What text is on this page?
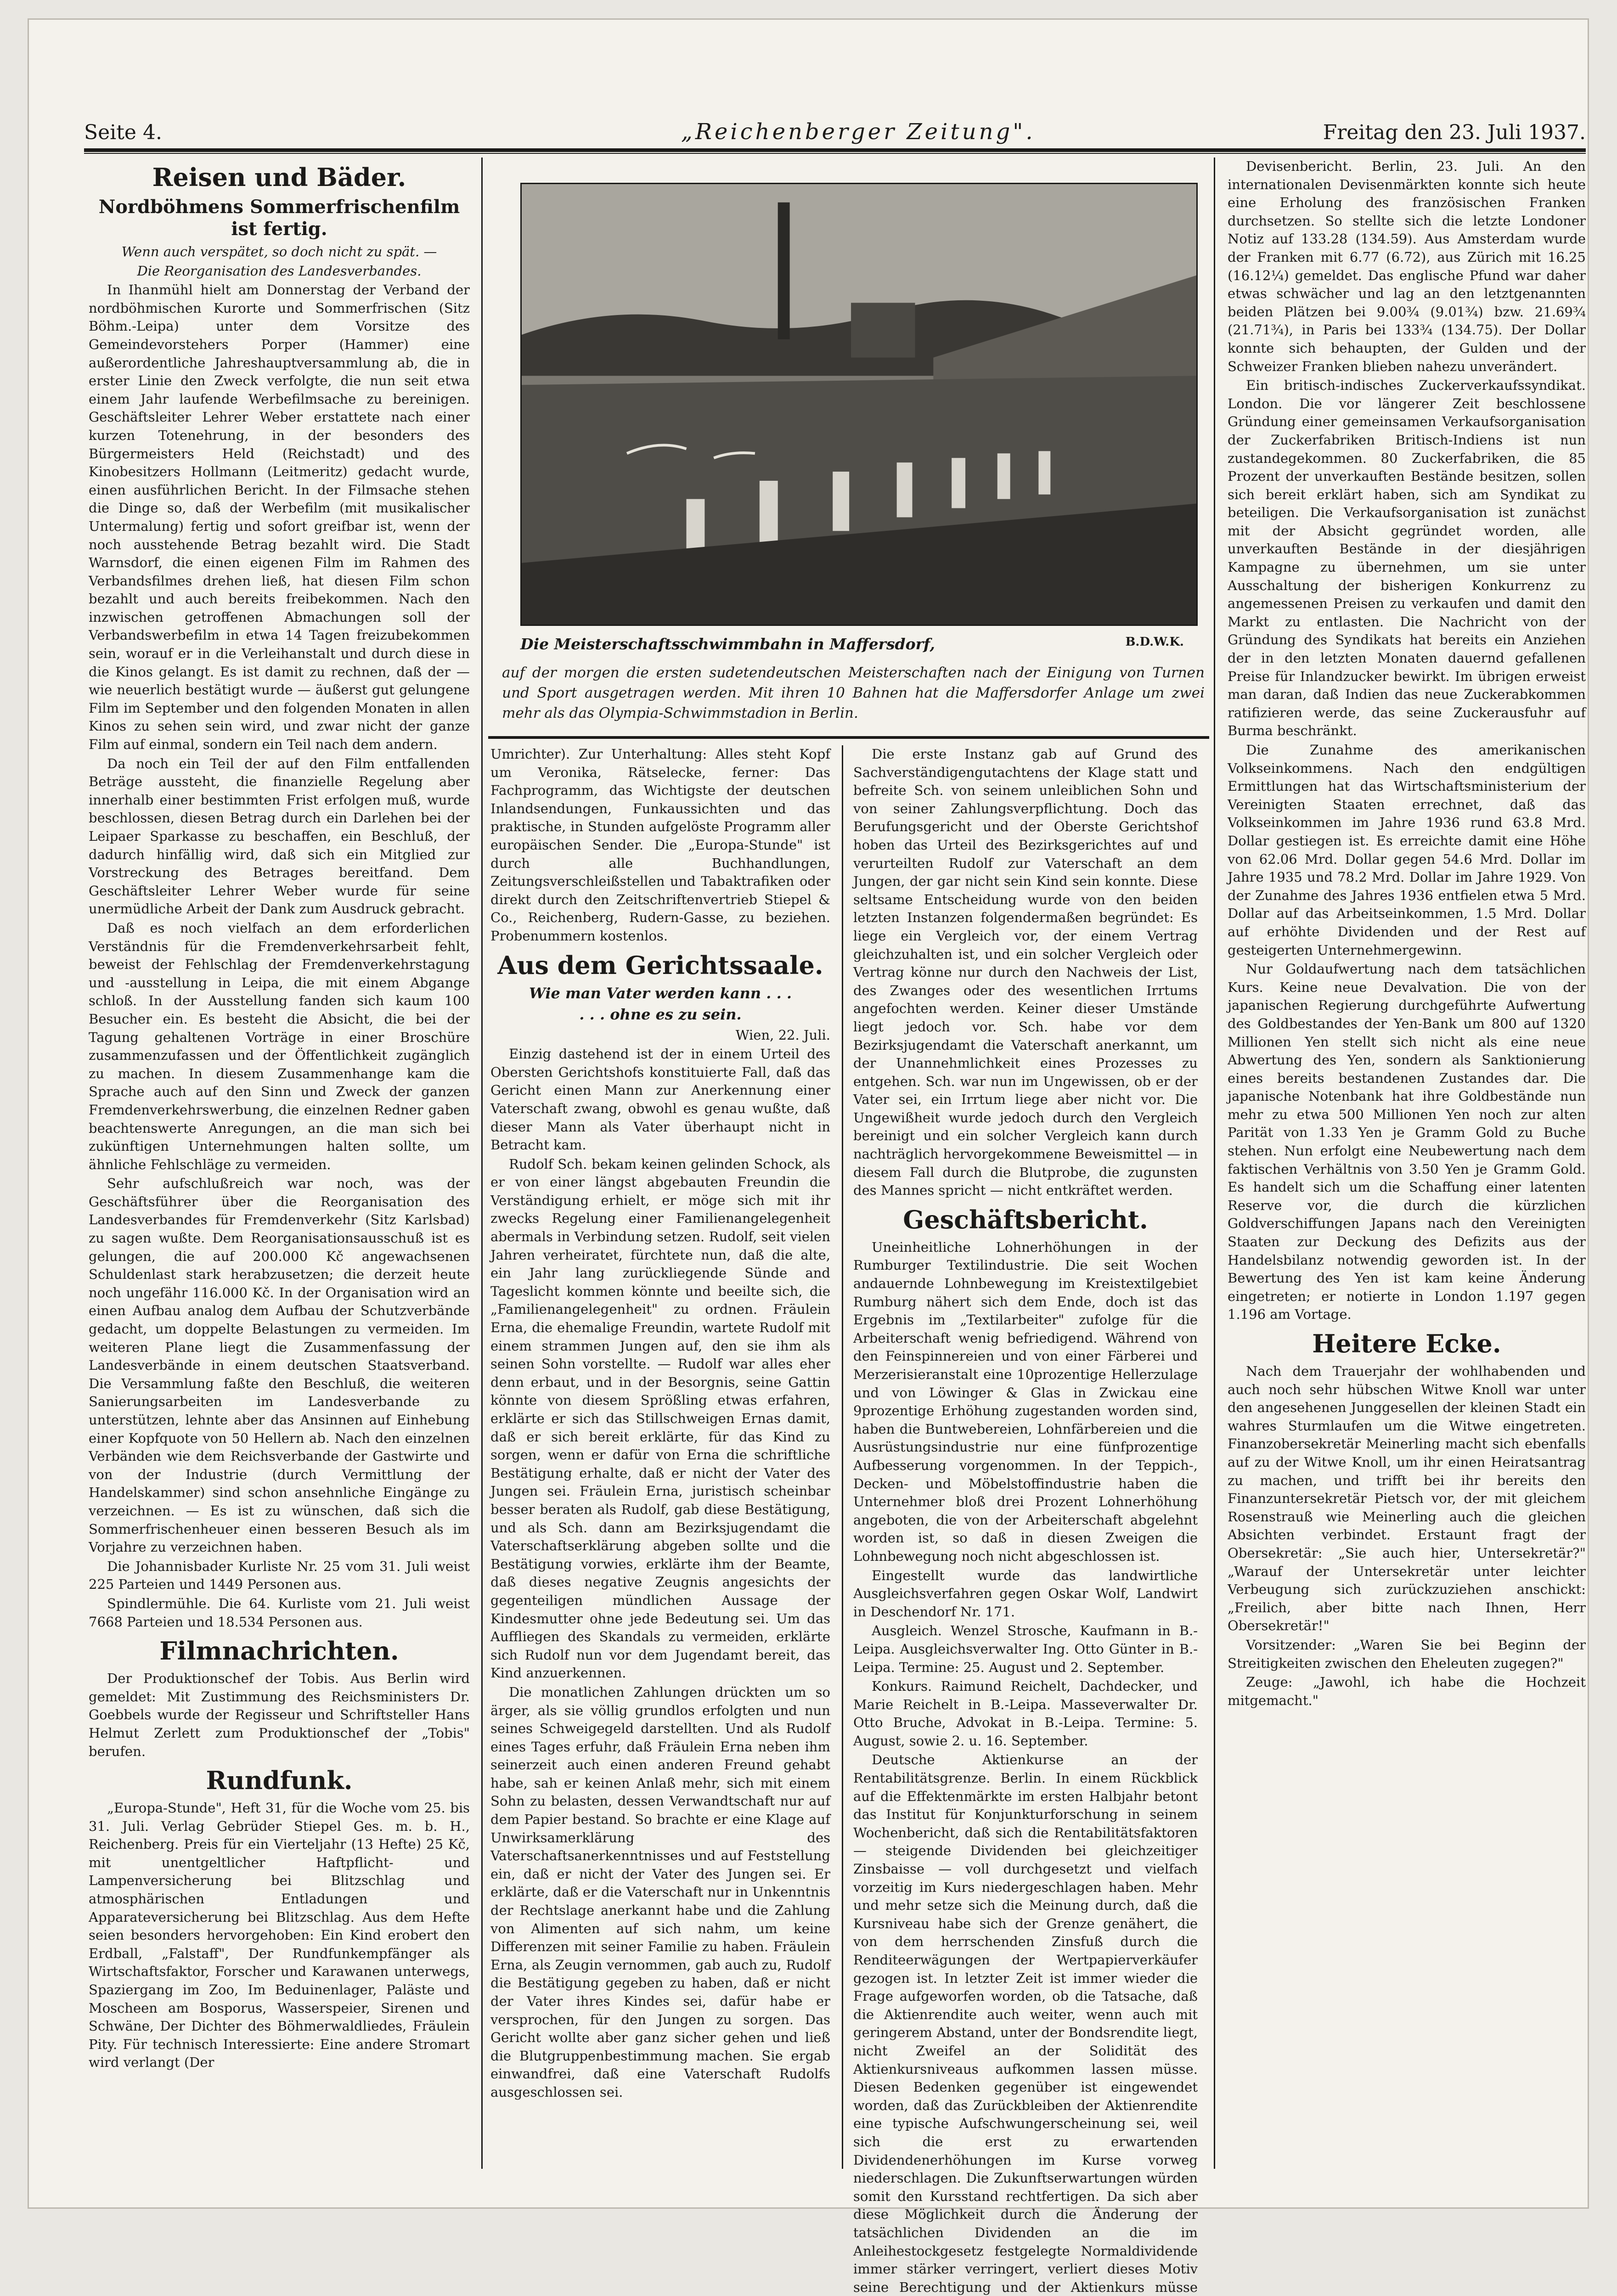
Seite 4.	„Reichenberger Zeitung".	Freitag den 23. Juli 1937.
Reisen und Bäder.
Nordböhmens Sommerfrischenfilm ist fertig.

Wenn auch verspätet, so doch nicht zu spät. —

Die Reorganisation des Landesverbandes.

In Ihanmühl hielt am Donnerstag der Verband der nordböhmischen Kurorte und Sommerfrischen (Sitz Böhm.-Leipa) unter dem Vorsitze des Gemeindevorstehers Porper (Hammer) eine außerordentliche Jahreshauptversammlung ab, die in erster Linie den Zweck verfolgte, die nun seit etwa einem Jahr laufende Werbefilmsache zu bereinigen. Geschäftsleiter Lehrer Weber erstattete nach einer kurzen Totenehrung, in der besonders des Bürgermeisters Held (Reichstadt) und des Kinobesitzers Hollmann (Leitmeritz) gedacht wurde, einen ausführlichen Bericht. In der Filmsache stehen die Dinge so, daß der Werbefilm (mit musikalischer Untermalung) fertig und sofort greifbar ist, wenn der noch ausstehende Betrag bezahlt wird. Die Stadt Warnsdorf, die einen eigenen Film im Rahmen des Verbandsfilmes drehen ließ, hat diesen Film schon bezahlt und auch bereits freibekommen. Nach den inzwischen getroffenen Abmachungen soll der Verbandswerbefilm in etwa 14 Tagen freizubekommen sein, worauf er in die Verleihanstalt und durch diese in die Kinos gelangt. Es ist damit zu rechnen, daß der — wie neuerlich bestätigt wurde — äußerst gut gelungene Film im September und den folgenden Monaten in allen Kinos zu sehen sein wird, und zwar nicht der ganze Film auf einmal, sondern ein Teil nach dem andern.

Da noch ein Teil der auf den Film entfallenden Beträge aussteht, die finanzielle Regelung aber innerhalb einer bestimmten Frist erfolgen muß, wurde beschlossen, diesen Betrag durch ein Darlehen bei der Leipaer Sparkasse zu beschaffen, ein Beschluß, der dadurch hinfällig wird, daß sich ein Mitglied zur Vorstreckung des Betrages bereitfand. Dem Geschäftsleiter Lehrer Weber wurde für seine unermüdliche Arbeit der Dank zum Ausdruck gebracht.

Daß es noch vielfach an dem erforderlichen Verständnis für die Fremdenverkehrsarbeit fehlt, beweist der Fehlschlag der Fremdenverkehrstagung und -ausstellung in Leipa, die mit einem Abgange schloß. In der Ausstellung fanden sich kaum 100 Besucher ein. Es besteht die Absicht, die bei der Tagung gehaltenen Vorträge in einer Broschüre zusammenzufassen und der Öffentlichkeit zugänglich zu machen. In diesem Zusammenhange kam die Sprache auch auf den Sinn und Zweck der ganzen Fremdenverkehrswerbung, die einzelnen Redner gaben beachtenswerte Anregungen, an die man sich bei zukünftigen Unternehmungen halten sollte, um ähnliche Fehlschläge zu vermeiden.

Sehr aufschlußreich war noch, was der Geschäftsführer über die Reorganisation des Landesverbandes für Fremdenverkehr (Sitz Karlsbad) zu sagen wußte. Dem Reorganisationsausschuß ist es gelungen, die auf 200.000 Kč angewachsenen Schuldenlast stark herabzusetzen; die derzeit heute noch ungefähr 116.000 Kč. In der Organisation wird an einen Aufbau analog dem Aufbau der Schutzverbände gedacht, um doppelte Belastungen zu vermeiden. Im weiteren Plane liegt die Zusammenfassung der Landesverbände in einem deutschen Staatsverband. Die Versammlung faßte den Beschluß, die weiteren Sanierungsarbeiten im Landesverbande zu unterstützen, lehnte aber das Ansinnen auf Einhebung einer Kopfquote von 50 Hellern ab. Nach den einzelnen Verbänden wie dem Reichsverbande der Gastwirte und von der Industrie (durch Vermittlung der Handelskammer) sind schon ansehnliche Eingänge zu verzeichnen. — Es ist zu wünschen, daß sich die Sommerfrischenheuer einen besseren Besuch als im Vorjahre zu verzeichnen haben.

Die Johannisbader Kurliste Nr. 25 vom 31. Juli weist 225 Parteien und 1449 Personen aus.

Spindlermühle. Die 64. Kurliste vom 21. Juli weist 7668 Parteien und 18.534 Personen aus.

Filmnachrichten.

Der Produktionschef der Tobis. Aus Berlin wird gemeldet: Mit Zustimmung des Reichsministers Dr. Goebbels wurde der Regisseur und Schriftsteller Hans Helmut Zerlett zum Produktionschef der „Tobis" berufen.

Rundfunk.

„Europa-Stunde", Heft 31, für die Woche vom 25. bis 31. Juli. Verlag Gebrüder Stiepel Ges. m. b. H., Reichenberg. Preis für ein Vierteljahr (13 Hefte) 25 Kč, mit unentgeltlicher Haftpflicht- und Lampenversicherung bei Blitzschlag und atmosphärischen Entladungen und Apparateversicherung bei Blitzschlag. Aus dem Hefte seien besonders hervorgehoben: Ein Kind erobert den Erdball, „Falstaff", Der Rundfunkempfänger als Wirtschaftsfaktor, Forscher und Karawanen unterwegs, Spaziergang im Zoo, Im Beduinenlager, Paläste und Moscheen am Bosporus, Wasserspeier, Sirenen und Schwäne, Der Dichter des Böhmerwaldliedes, Fräulein Pity. Für technisch Interessierte: Eine andere Stromart wird verlangt (Der

Die Meisterschaftsschwimmbahn in Maffersdorf,	B.D.W.K.
auf der morgen die ersten sudetendeutschen Meisterschaften nach der Einigung von Turnen und Sport ausgetragen werden. Mit ihren 10 Bahnen hat die Maffersdorfer Anlage um zwei mehr als das Olympia-Schwimmstadion in Berlin.

Umrichter). Zur Unterhaltung: Alles steht Kopf um Veronika, Rätselecke, ferner: Das Fachprogramm, das Wichtigste der deutschen Inlandsendungen, Funkaussichten und das praktische, in Stunden aufgelöste Programm aller europäischen Sender. Die „Europa-Stunde" ist durch alle Buchhandlungen, Zeitungsverschleißstellen und Tabaktrafiken oder direkt durch den Zeitschriftenvertrieb Stiepel & Co., Reichenberg, Rudern-Gasse, zu beziehen. Probenummern kostenlos.

Aus dem Gerichtssaale.
Wie man Vater werden kann . . .
. . . ohne es zu sein.

Wien, 22. Juli.

Einzig dastehend ist der in einem Urteil des Obersten Gerichtshofs konstituierte Fall, daß das Gericht einen Mann zur Anerkennung einer Vaterschaft zwang, obwohl es genau wußte, daß dieser Mann als Vater überhaupt nicht in Betracht kam.

Rudolf Sch. bekam keinen gelinden Schock, als er von einer längst abgebauten Freundin die Verständigung erhielt, er möge sich mit ihr zwecks Regelung einer Familienangelegenheit abermals in Verbindung setzen. Rudolf, seit vielen Jahren verheiratet, fürchtete nun, daß die alte, ein Jahr lang zurückliegende Sünde and Tageslicht kommen könnte und beeilte sich, die „Familienangelegenheit" zu ordnen. Fräulein Erna, die ehemalige Freundin, wartete Rudolf mit einem strammen Jungen auf, den sie ihm als seinen Sohn vorstellte. — Rudolf war alles eher denn erbaut, und in der Besorgnis, seine Gattin könnte von diesem Sprößling etwas erfahren, erklärte er sich das Stillschweigen Ernas damit, daß er sich bereit erklärte, für das Kind zu sorgen, wenn er dafür von Erna die schriftliche Bestätigung erhalte, daß er nicht der Vater des Jungen sei. Fräulein Erna, juristisch scheinbar besser beraten als Rudolf, gab diese Bestätigung, und als Sch. dann am Bezirksjugendamt die Vaterschaftserklärung abgeben sollte und die Bestätigung vorwies, erklärte ihm der Beamte, daß dieses negative Zeugnis angesichts der gegenteiligen mündlichen Aussage der Kindesmutter ohne jede Bedeutung sei. Um das Auffliegen des Skandals zu vermeiden, erklärte sich Rudolf nun vor dem Jugendamt bereit, das Kind anzuerkennen.

Die monatlichen Zahlungen drückten um so ärger, als sie völlig grundlos erfolgten und nun seines Schweigegeld darstellten. Und als Rudolf eines Tages erfuhr, daß Fräulein Erna neben ihm seinerzeit auch einen anderen Freund gehabt habe, sah er keinen Anlaß mehr, sich mit einem Sohn zu belasten, dessen Verwandtschaft nur auf dem Papier bestand. So brachte er eine Klage auf Unwirksamerklärung des Vaterschaftsanerkenntnisses und auf Feststellung ein, daß er nicht der Vater des Jungen sei. Er erklärte, daß er die Vaterschaft nur in Unkenntnis der Rechtslage anerkannt habe und die Zahlung von Alimenten auf sich nahm, um keine Differenzen mit seiner Familie zu haben. Fräulein Erna, als Zeugin vernommen, gab auch zu, Rudolf die Bestätigung gegeben zu haben, daß er nicht der Vater ihres Kindes sei, dafür habe er versprochen, für den Jungen zu sorgen. Das Gericht wollte aber ganz sicher gehen und ließ die Blutgruppenbestimmung machen. Sie ergab einwandfrei, daß eine Vaterschaft Rudolfs ausgeschlossen sei.

Die erste Instanz gab auf Grund des Sachverständigengutachtens der Klage statt und befreite Sch. von seinem unleiblichen Sohn und von seiner Zahlungsverpflichtung. Doch das Berufungsgericht und der Oberste Gerichtshof hoben das Urteil des Bezirksgerichtes auf und verurteilten Rudolf zur Vaterschaft an dem Jungen, der gar nicht sein Kind sein konnte. Diese seltsame Entscheidung wurde von den beiden letzten Instanzen folgendermaßen begründet: Es liege ein Vergleich vor, der einem Vertrag gleichzuhalten ist, und ein solcher Vergleich oder Vertrag könne nur durch den Nachweis der List, des Zwanges oder des wesentlichen Irrtums angefochten werden. Keiner dieser Umstände liegt jedoch vor. Sch. habe vor dem Bezirksjugendamt die Vaterschaft anerkannt, um der Unannehmlichkeit eines Prozesses zu entgehen. Sch. war nun im Ungewissen, ob er der Vater sei, ein Irrtum liege aber nicht vor. Die Ungewißheit wurde jedoch durch den Vergleich bereinigt und ein solcher Vergleich kann durch nachträglich hervorgekommene Beweismittel — in diesem Fall durch die Blutprobe, die zugunsten des Mannes spricht — nicht entkräftet werden.

Geschäftsbericht.

Uneinheitliche Lohnerhöhungen in der Rumburger Textilindustrie. Die seit Wochen andauernde Lohnbewegung im Kreistextilgebiet Rumburg nähert sich dem Ende, doch ist das Ergebnis im „Textilarbeiter" zufolge für die Arbeiterschaft wenig befriedigend. Während von den Feinspinnereien und von einer Färberei und Merzerisieranstalt eine 10prozentige Hellerzulage und von Löwinger & Glas in Zwickau eine 9prozentige Erhöhung zugestanden worden sind, haben die Buntwebereien, Lohnfärbereien und die Ausrüstungsindustrie nur eine fünfprozentige Aufbesserung vorgenommen. In der Teppich-, Decken- und Möbelstoffindustrie haben die Unternehmer bloß drei Prozent Lohnerhöhung angeboten, die von der Arbeiterschaft abgelehnt worden ist, so daß in diesen Zweigen die Lohnbewegung noch nicht abgeschlossen ist.

Eingestellt wurde das landwirtliche Ausgleichsverfahren gegen Oskar Wolf, Landwirt in Deschendorf Nr. 171.

Ausgleich. Wenzel Strosche, Kaufmann in B.-Leipa. Ausgleichsverwalter Ing. Otto Günter in B.-Leipa. Termine: 25. August und 2. September.

Konkurs. Raimund Reichelt, Dachdecker, und Marie Reichelt in B.-Leipa. Masseverwalter Dr. Otto Bruche, Advokat in B.-Leipa. Termine: 5. August, sowie 2. u. 16. September.

Deutsche Aktienkurse an der Rentabilitätsgrenze. Berlin. In einem Rückblick auf die Effektenmärkte im ersten Halbjahr betont das Institut für Konjunkturforschung in seinem Wochenbericht, daß sich die Rentabilitätsfaktoren — steigende Dividenden bei gleichzeitiger Zinsbaisse — voll durchgesetzt und vielfach vorzeitig im Kurs niedergeschlagen haben. Mehr und mehr setze sich die Meinung durch, daß die Kursniveau habe sich der Grenze genähert, die von dem herrschenden Zinsfuß durch die Renditeerwägungen der Wertpapierverkäufer gezogen ist. In letzter Zeit ist immer wieder die Frage aufgeworfen worden, ob die Tatsache, daß die Aktienrendite auch weiter, wenn auch mit geringerem Abstand, unter der Bondsrendite liegt, nicht Zweifel an der Solidität des Aktienkursniveaus aufkommen lassen müsse. Diesen Bedenken gegenüber ist eingewendet worden, daß das Zurückbleiben der Aktienrendite eine typische Aufschwungerscheinung sei, weil sich die erst zu erwartenden Dividendenerhöhungen im Kurse vorweg niederschlagen. Die Zukunftserwartungen würden somit den Kursstand rechtfertigen. Da sich aber diese Möglichkeit durch die Änderung der tatsächlichen Dividenden an die im Anleihestockgesetz festgelegte Normaldividende immer stärker verringert, verliert dieses Motiv seine Berechtigung und der Aktienkurs müsse

Devisenbericht. Berlin, 23. Juli. An den internationalen Devisenmärkten konnte sich heute eine Erholung des französischen Franken durchsetzen. So stellte sich die letzte Londoner Notiz auf 133.28 (134.59). Aus Amsterdam wurde der Franken mit 6.77 (6.72), aus Zürich mit 16.25 (16.12¼) gemeldet. Das englische Pfund war daher etwas schwächer und lag an den letztgenannten beiden Plätzen bei 9.00¾ (9.01¾) bzw. 21.69¾ (21.71¾), in Paris bei 133¾ (134.75). Der Dollar konnte sich behaupten, der Gulden und der Schweizer Franken blieben nahezu unverändert.

Ein britisch-indisches Zuckerverkaufssyndikat. London. Die vor längerer Zeit beschlossene Gründung einer gemeinsamen Verkaufsorganisation der Zuckerfabriken Britisch-Indiens ist nun zustandegekommen. 80 Zuckerfabriken, die 85 Prozent der unverkauften Bestände besitzen, sollen sich bereit erklärt haben, sich am Syndikat zu beteiligen. Die Verkaufsorganisation ist zunächst mit der Absicht gegründet worden, alle unverkauften Bestände in der diesjährigen Kampagne zu übernehmen, um sie unter Ausschaltung der bisherigen Konkurrenz zu angemessenen Preisen zu verkaufen und damit den Markt zu entlasten. Die Nachricht von der Gründung des Syndikats hat bereits ein Anziehen der in den letzten Monaten dauernd gefallenen Preise für Inlandzucker bewirkt. Im übrigen erweist man daran, daß Indien das neue Zuckerabkommen ratifizieren werde, das seine Zuckerausfuhr auf Burma beschränkt.

Die Zunahme des amerikanischen Volkseinkommens. Nach den endgültigen Ermittlungen hat das Wirtschaftsministerium der Vereinigten Staaten errechnet, daß das Volkseinkommen im Jahre 1936 rund 63.8 Mrd. Dollar gestiegen ist. Es erreichte damit eine Höhe von 62.06 Mrd. Dollar gegen 54.6 Mrd. Dollar im Jahre 1935 und 78.2 Mrd. Dollar im Jahre 1929. Von der Zunahme des Jahres 1936 entfielen etwa 5 Mrd. Dollar auf das Arbeitseinkommen, 1.5 Mrd. Dollar auf erhöhte Dividenden und der Rest auf gesteigerten Unternehmergewinn.

Nur Goldaufwertung nach dem tatsächlichen Kurs. Keine neue Devalvation. Die von der japanischen Regierung durchgeführte Aufwertung des Goldbestandes der Yen-Bank um 800 auf 1320 Millionen Yen stellt sich nicht als eine neue Abwertung des Yen, sondern als Sanktionierung eines bereits bestandenen Zustandes dar. Die japanische Notenbank hat ihre Goldbestände nun mehr zu etwa 500 Millionen Yen noch zur alten Parität von 1.33 Yen je Gramm Gold zu Buche stehen. Nun erfolgt eine Neubewertung nach dem faktischen Verhältnis von 3.50 Yen je Gramm Gold. Es handelt sich um die Schaffung einer latenten Reserve vor, die durch die kürzlichen Goldverschiffungen Japans nach den Vereinigten Staaten zur Deckung des Defizits aus der Handelsbilanz notwendig geworden ist. In der Bewertung des Yen ist kam keine Änderung eingetreten; er notierte in London 1.197 gegen 1.196 am Vortage.

Heitere Ecke.

Nach dem Trauerjahr der wohlhabenden und auch noch sehr hübschen Witwe Knoll war unter den angesehenen Junggesellen der kleinen Stadt ein wahres Sturmlaufen um die Witwe eingetreten. Finanzobersekretär Meinerling macht sich ebenfalls auf zu der Witwe Knoll, um ihr einen Heiratsantrag zu machen, und trifft bei ihr bereits den Finanzuntersekretär Pietsch vor, der mit gleichem Rosenstrauß wie Meinerling auch die gleichen Absichten verbindet. Erstaunt fragt der Obersekretär: „Sie auch hier, Untersekretär?" „Warauf der Untersekretär unter leichter Verbeugung sich zurückzuziehen anschickt: „Freilich, aber bitte nach Ihnen, Herr Obersekretär!"

Vorsitzender: „Waren Sie bei Beginn der Streitigkeiten zwischen den Eheleuten zugegen?"

Zeuge: „Jawohl, ich habe die Hochzeit mitgemacht."
